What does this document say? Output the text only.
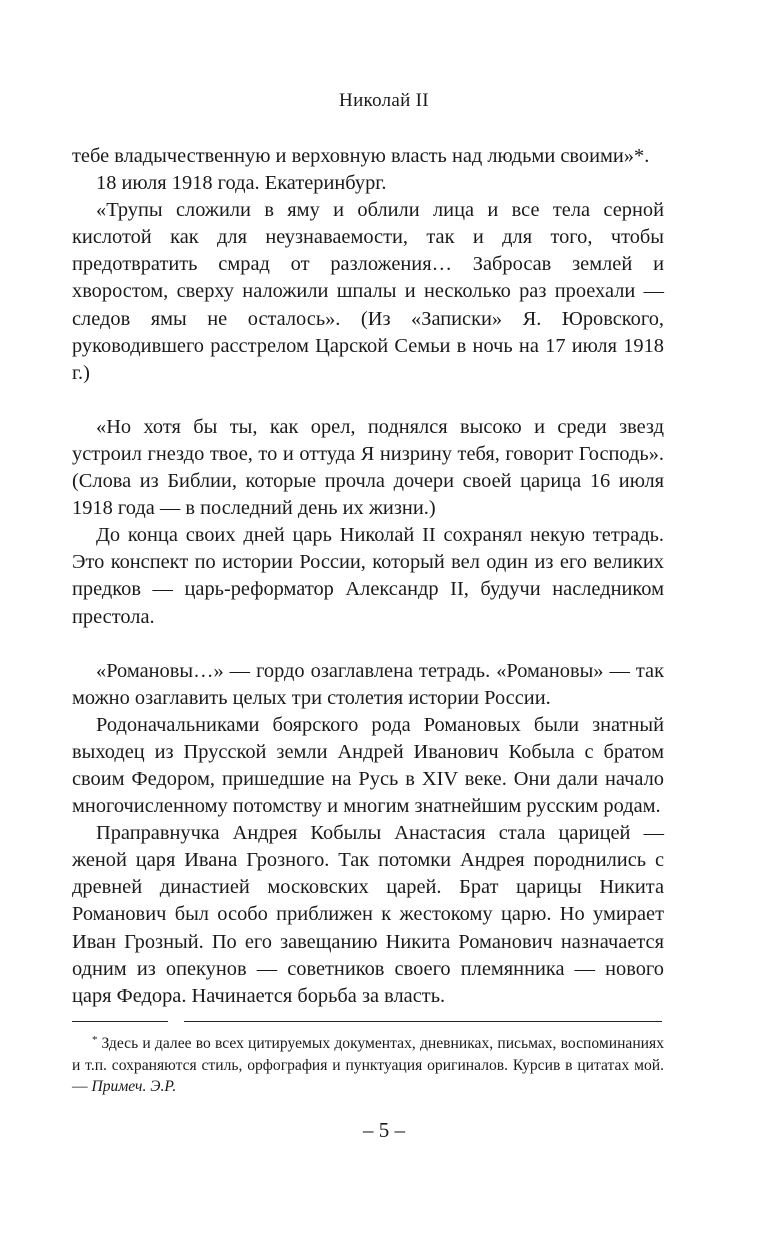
Николай II

тебе владычественную и верховную власть над людьми своими»*.

18 июля 1918 года. Екатеринбург.

«Трупы сложили в яму и облили лица и все тела серной кислотой как для неузнаваемости, так и для того, чтобы предотвратить смрад от разложения… Забросав землей и хворостом, сверху наложили шпалы и несколько раз проехали — следов ямы не осталось». (Из «Записки» Я. Юровского, руководившего расстрелом Царской Семьи в ночь на 17 июля 1918 г.)

«Но хотя бы ты, как орел, поднялся высоко и среди звезд устроил гнездо твое, то и оттуда Я низрину тебя, говорит Господь». (Слова из Библии, которые прочла дочери своей царица 16 июля 1918 года — в последний день их жизни.)

До конца своих дней царь Николай II сохранял некую тетрадь. Это конспект по истории России, который вел один из его великих предков — царь-реформатор Александр II, будучи наследником престола.

«Романовы…» — гордо озаглавлена тетрадь. «Романовы» — так можно озаглавить целых три столетия истории России.

Родоначальниками боярского рода Романовых были знатный выходец из Прусской земли Андрей Иванович Кобыла с братом своим Федором, пришедшие на Русь в XIV веке. Они дали начало многочисленному потомству и многим знатнейшим русским родам.

Праправнучка Андрея Кобылы Анастасия стала царицей — женой царя Ивана Грозного. Так потомки Андрея породнились с древней династией московских царей. Брат царицы Никита Романович был особо приближен к жестокому царю. Но умирает Иван Грозный. По его завещанию Никита Романович назначается одним из опекунов — советников своего племянника — нового царя Федора. Начинается борьба за власть.

* Здесь и далее во всех цитируемых документах, дневниках, письмах, воспоминаниях и т.п. сохраняются стиль, орфография и пунктуация оригиналов. Курсив в цитатах мой. — Примеч. Э.Р.
– 5 –
